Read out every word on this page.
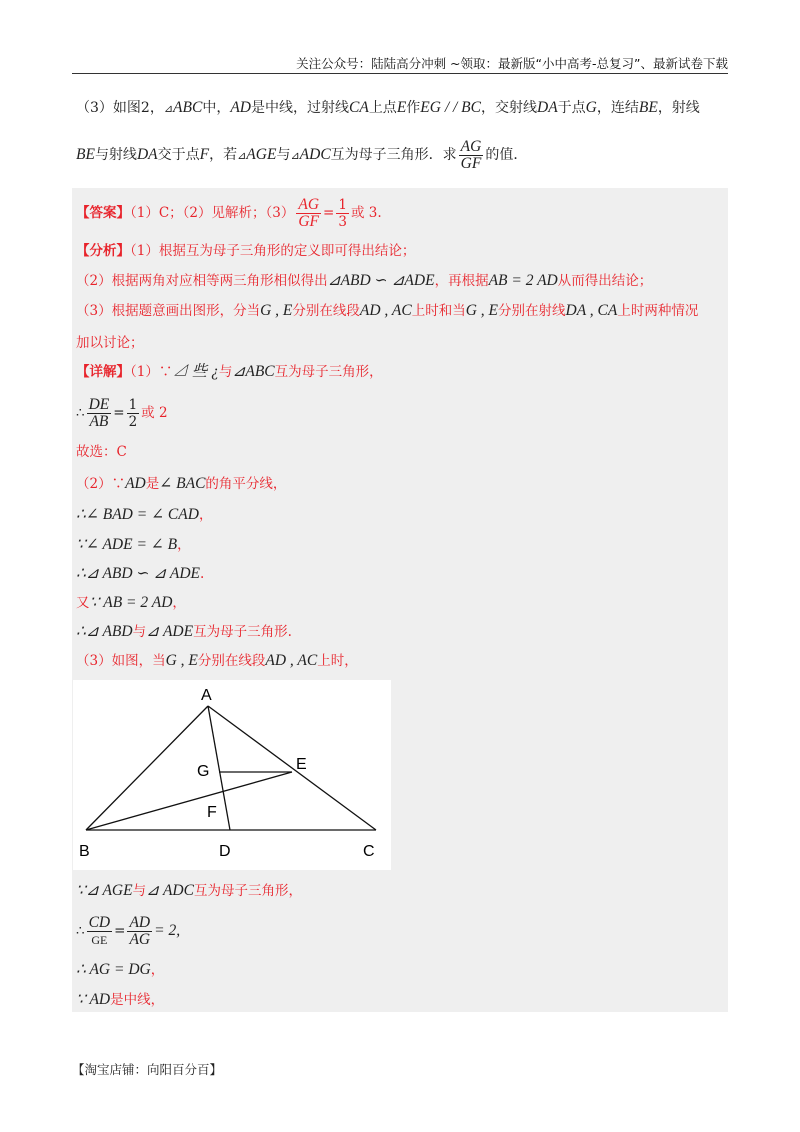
关注公众号：陆陆高分冲刺 ~领取：最新版“小中高考-总复习”、最新试卷下载
（3）如图2，⊿ABC中，AD是中线，过射线CA上点E作EG / / BC，交射线DA于点G，连结BE，射线
BE与射线DA交于点F，若⊿AGE与⊿ADC互为母子三角形．求 $\frac{AG}{GF}$ 的值．
【答案】（1）C；（2）见解析；$(3) \frac{AG}{GF} = \frac{1}{3}$ 或 3.
【分析】（1）根据互为母子三角形的定义即可得出结论；
（2）根据两角对应相等两三角形相似得出⊿ABD ∽ ⊿ADE，再根据AB = 2 AD从而得出结论；
（3）根据题意画出图形，分当G , E分别在线段AD , AC上时和当G , E分别在射线DA , CA上时两种情况
加以讨论；
【详解】（1）∵⊿ 些 ¿与⊿ABC互为母子三角形，
∴ $\frac{DE}{AB} = \frac{1}{2}$ 或 2
故选：C
（2）∵AD是∠ BAC的角平分线，
∴∠ BAD = ∠ CAD，
∵∠ ADE = ∠ B，
∴⊿ ABD ∽ ⊿ ADE.
又∵ AB = 2 AD，
∴⊿ ABD与⊿ ADE互为母子三角形.
（3）如图，当G , E分别在线段AD , AC上时，
A
B	C
D
E
F
G
∵⊿ AGE与⊿ ADC互为母子三角形，
∴ $\frac{CD}{GE} = \frac{AD}{AG} = 2$,
∴ AG = DG，
∵ AD是中线，
【淘宝店铺：向阳百分百】
